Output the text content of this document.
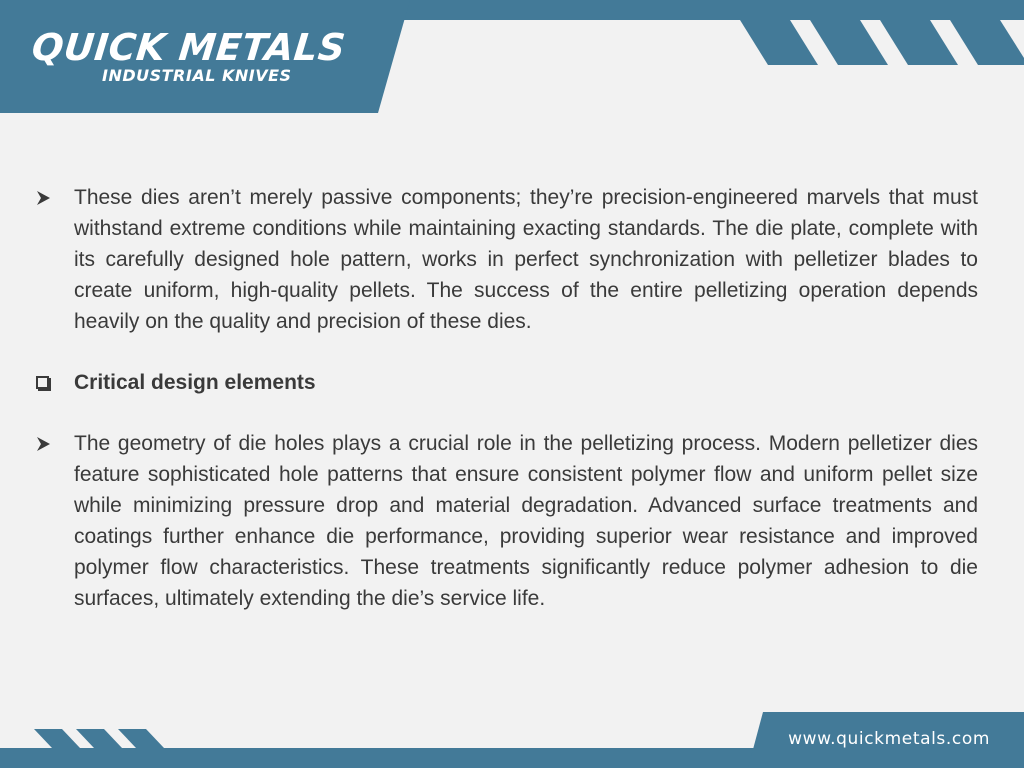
QUICK METALS
INDUSTRIAL KNIVES

These dies aren’t merely passive components; they’re precision-engineered marvels that must withstand extreme conditions while maintaining exacting standards. The die plate, complete with its carefully designed hole pattern, works in perfect synchronization with pelletizer blades to create uniform, high-quality pellets. The success of the entire pelletizing operation depends heavily on the quality and precision of these dies.

Critical design elements

The geometry of die holes plays a crucial role in the pelletizing process. Modern pelletizer dies feature sophisticated hole patterns that ensure consistent polymer flow and uniform pellet size while minimizing pressure drop and material degradation. Advanced surface treatments and coatings further enhance die performance, providing superior wear resistance and improved polymer flow characteristics. These treatments significantly reduce polymer adhesion to die surfaces, ultimately extending the die’s service life.

www.quickmetals.com
